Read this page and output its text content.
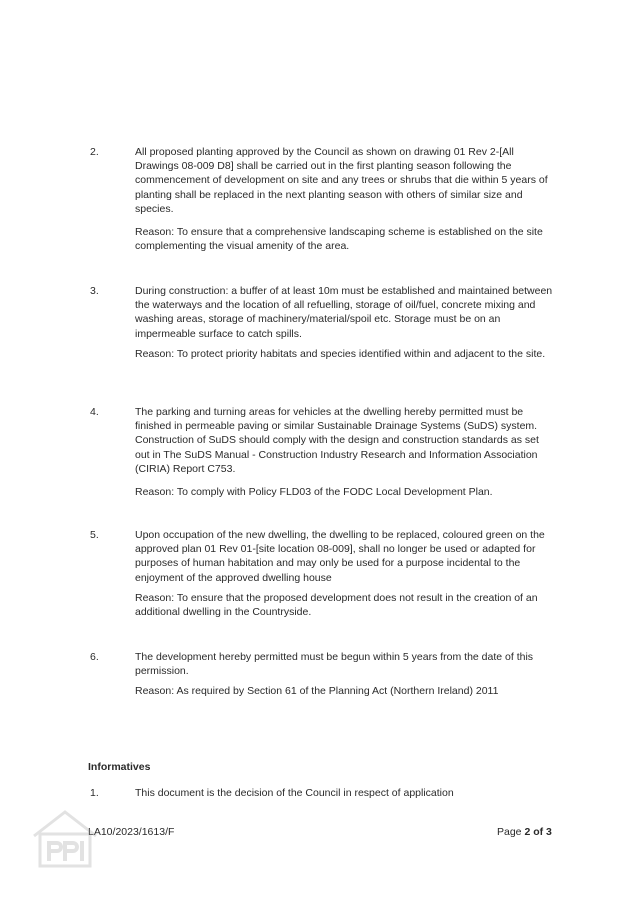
2.	All proposed planting approved by the Council as shown on drawing 01 Rev 2-[All Drawings 08-009 D8] shall be carried out in the first planting season following the commencement of development on site and any trees or shrubs that die within 5 years of planting shall be replaced in the next planting season with others of similar size and species.

Reason: To ensure that a comprehensive landscaping scheme is established on the site complementing the visual amenity of the area.

3.	During construction: a buffer of at least 10m must be established and maintained between the waterways and the location of all refuelling, storage of oil/fuel, concrete mixing and washing areas, storage of machinery/material/spoil etc. Storage must be on an impermeable surface to catch spills.

Reason: To protect priority habitats and species identified within and adjacent to the site.

4.	The parking and turning areas for vehicles at the dwelling hereby permitted must be finished in permeable paving or similar Sustainable Drainage Systems (SuDS) system. Construction of SuDS should comply with the design and construction standards as set out in The SuDS Manual - Construction Industry Research and Information Association (CIRIA) Report C753.

Reason: To comply with Policy FLD03 of the FODC Local Development Plan.

5.	Upon occupation of the new dwelling, the dwelling to be replaced, coloured green on the approved plan 01 Rev 01-[site location 08-009], shall no longer be used or adapted for purposes of human habitation and may only be used for a purpose incidental to the enjoyment of the approved dwelling house

Reason: To ensure that the proposed development does not result in the creation of an additional dwelling in the Countryside.

6.	The development hereby permitted must be begun within 5 years from the date of this permission.

Reason: As required by Section 61 of the Planning Act (Northern Ireland) 2011

Informatives
1.	This document is the decision of the Council in respect of application

LA10/2023/1613/F	Page 2 of 3
